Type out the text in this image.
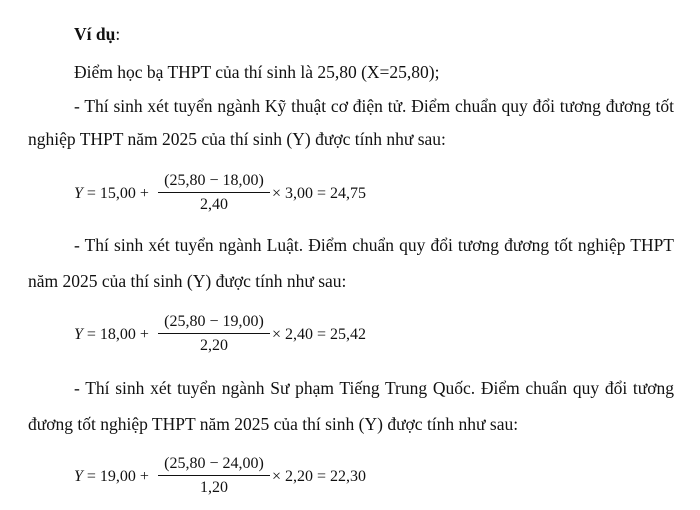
Ví dụ:
Điểm học bạ THPT của thí sinh là 25,80 (X=25,80);
- Thí sinh xét tuyển ngành Kỹ thuật cơ điện tử. Điểm chuẩn quy đổi tương đương tốt
nghiệp THPT năm 2025 của thí sinh (Y) được tính như sau:
Y = 15,00 +
(25,80 − 18,00)
2,40
× 3,00 = 24,75
- Thí sinh xét tuyển ngành Luật. Điểm chuẩn quy đổi tương đương tốt nghiệp THPT
năm 2025 của thí sinh (Y) được tính như sau:
Y = 18,00 +
(25,80 − 19,00)
2,20
× 2,40 = 25,42
- Thí sinh xét tuyển ngành Sư phạm Tiếng Trung Quốc. Điểm chuẩn quy đổi tương
đương tốt nghiệp THPT năm 2025 của thí sinh (Y) được tính như sau:
Y = 19,00 +
(25,80 − 24,00)
1,20
× 2,20 = 22,30
